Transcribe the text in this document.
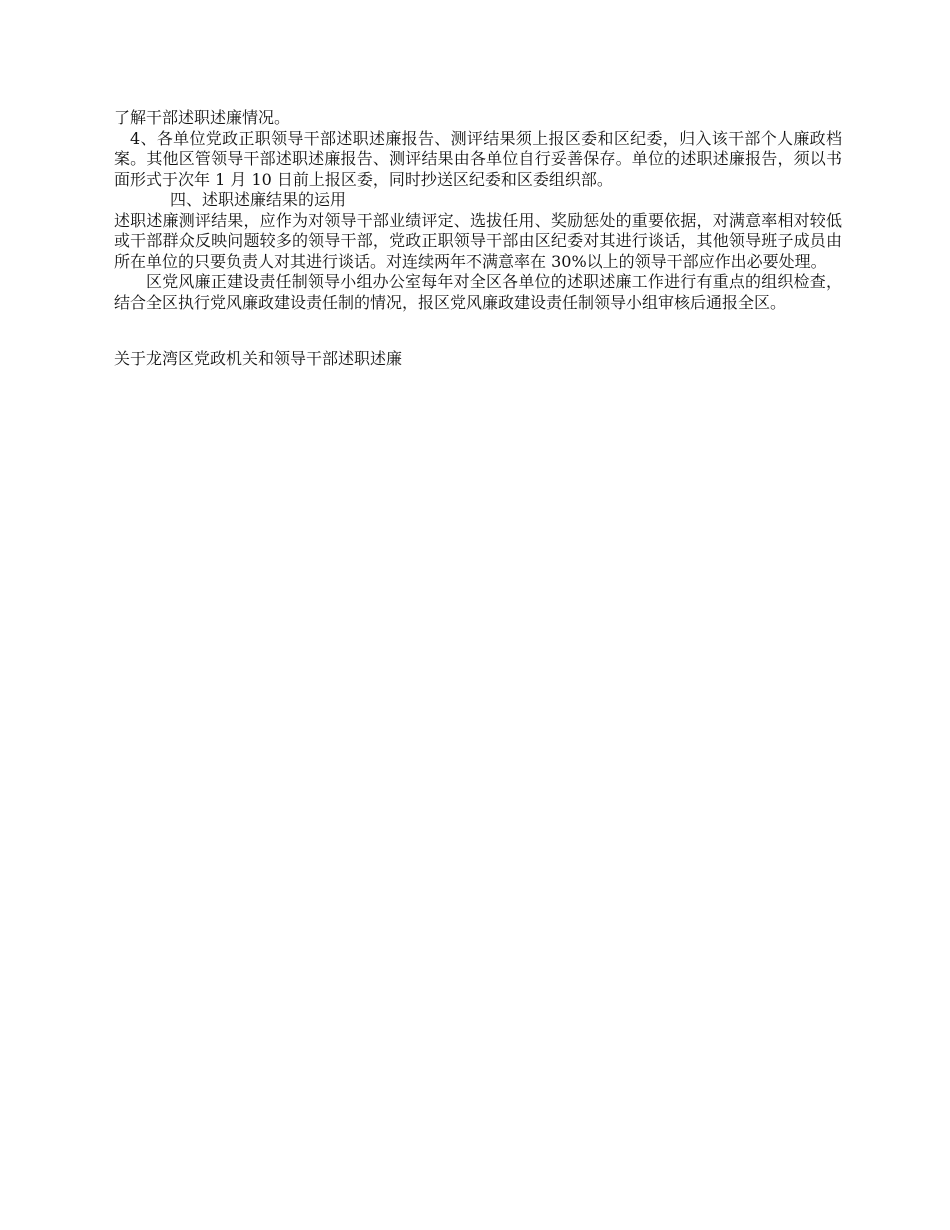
了解干部述职述廉情况。

4、各单位党政正职领导干部述职述廉报告、测评结果须上报区委和区纪委，归入该干部个人廉政档案。其他区管领导干部述职述廉报告、测评结果由各单位自行妥善保存。单位的述职述廉报告，须以书面形式于次年 1 月 10 日前上报区委，同时抄送区纪委和区委组织部。

四、述职述廉结果的运用

述职述廉测评结果，应作为对领导干部业绩评定、选拔任用、奖励惩处的重要依据，对满意率相对较低或干部群众反映问题较多的领导干部，党政正职领导干部由区纪委对其进行谈话，其他领导班子成员由所在单位的只要负责人对其进行谈话。对连续两年不满意率在 30%以上的领导干部应作出必要处理。

区党风廉正建设责任制领导小组办公室每年对全区各单位的述职述廉工作进行有重点的组织检查，结合全区执行党风廉政建设责任制的情况，报区党风廉政建设责任制领导小组审核后通报全区。

关于龙湾区党政机关和领导干部述职述廉
